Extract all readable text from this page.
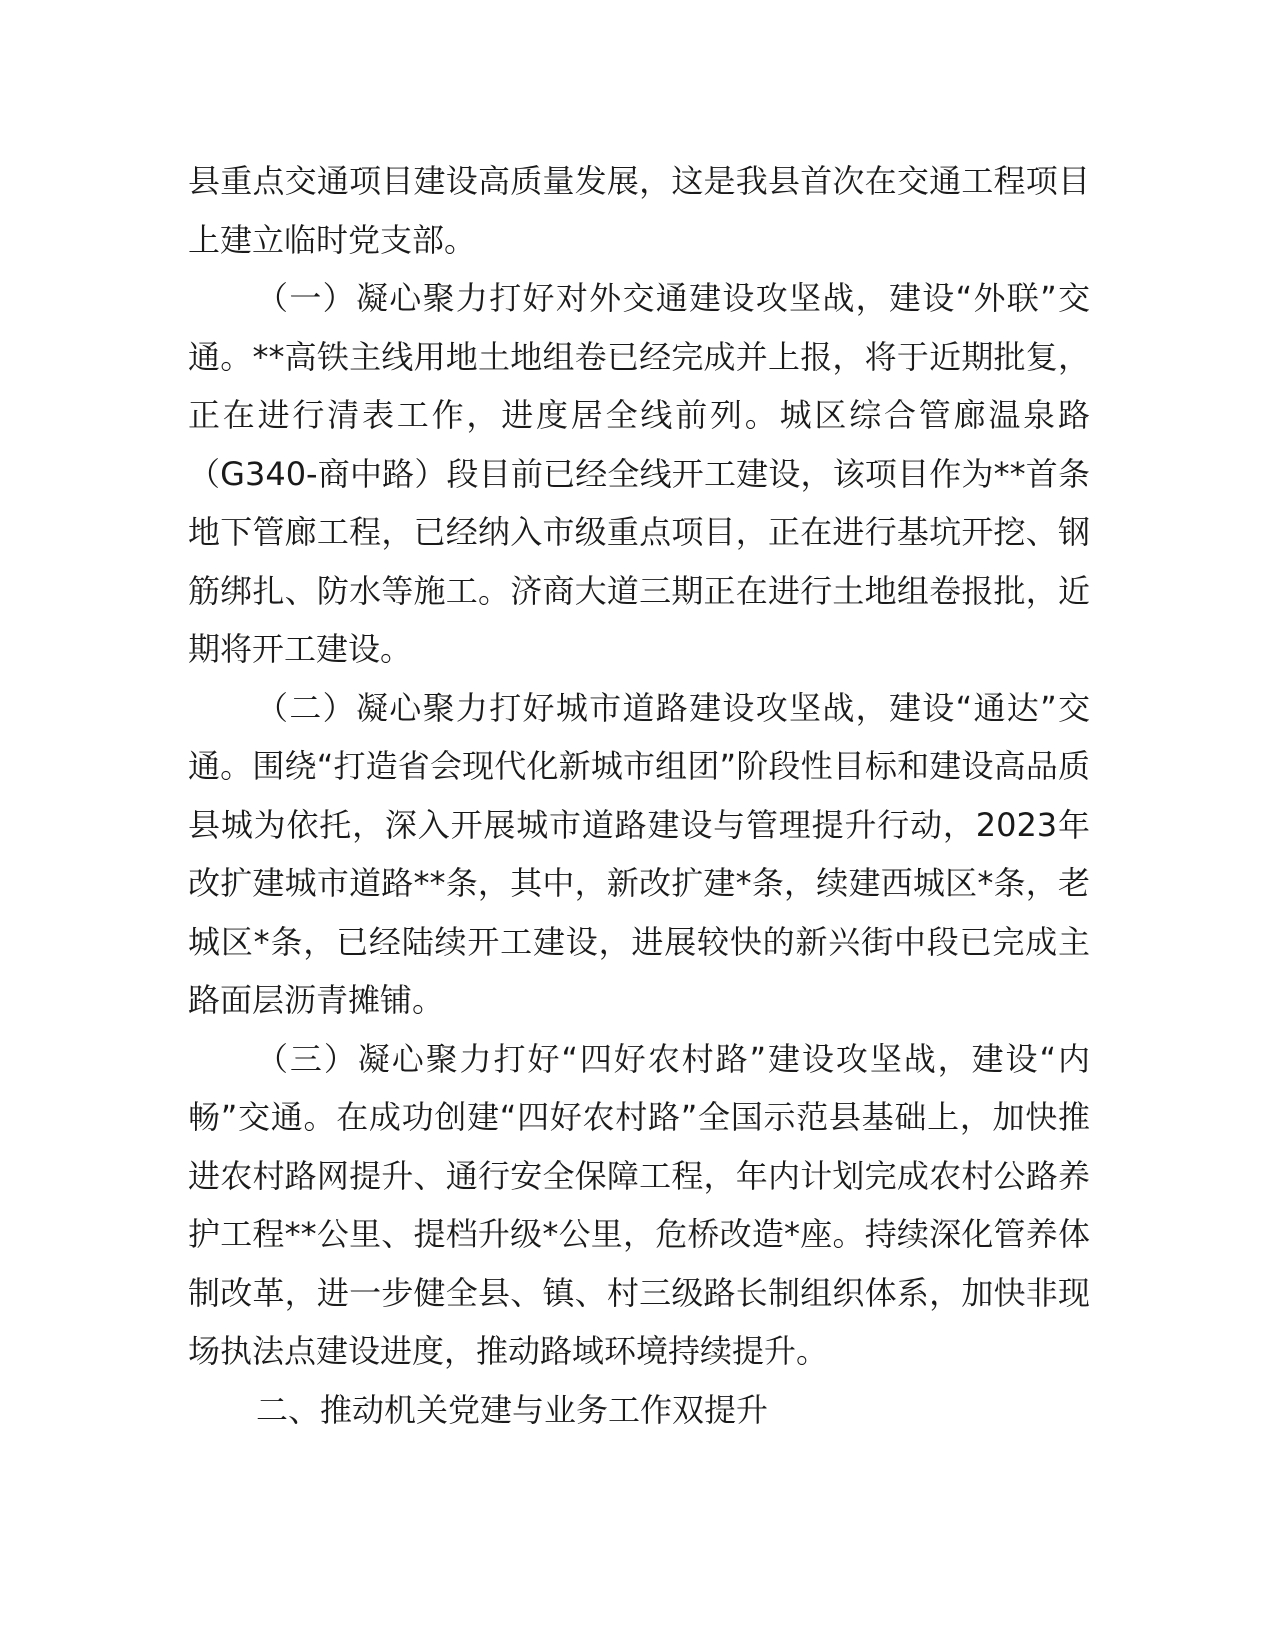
县重点交通项目建设高质量发展，这是我县首次在交通工程项目上建立临时党支部。

（一）凝心聚力打好对外交通建设攻坚战，建设“外联”交通。**高铁主线用地土地组卷已经完成并上报，将于近期批复，正在进行清表工作，进度居全线前列。城区综合管廊温泉路（G340-商中路）段目前已经全线开工建设，该项目作为**首条地下管廊工程，已经纳入市级重点项目，正在进行基坑开挖、钢筋绑扎、防水等施工。济商大道三期正在进行土地组卷报批，近期将开工建设。

（二）凝心聚力打好城市道路建设攻坚战，建设“通达”交通。围绕“打造省会现代化新城市组团”阶段性目标和建设高品质县城为依托，深入开展城市道路建设与管理提升行动，2023年改扩建城市道路**条，其中，新改扩建*条，续建西城区*条，老城区*条，已经陆续开工建设，进展较快的新兴街中段已完成主路面层沥青摊铺。

（三）凝心聚力打好“四好农村路”建设攻坚战，建设“内畅”交通。在成功创建“四好农村路”全国示范县基础上，加快推进农村路网提升、通行安全保障工程，年内计划完成农村公路养护工程**公里、提档升级*公里，危桥改造*座。持续深化管养体制改革，进一步健全县、镇、村三级路长制组织体系，加快非现场执法点建设进度，推动路域环境持续提升。

二、推动机关党建与业务工作双提升
